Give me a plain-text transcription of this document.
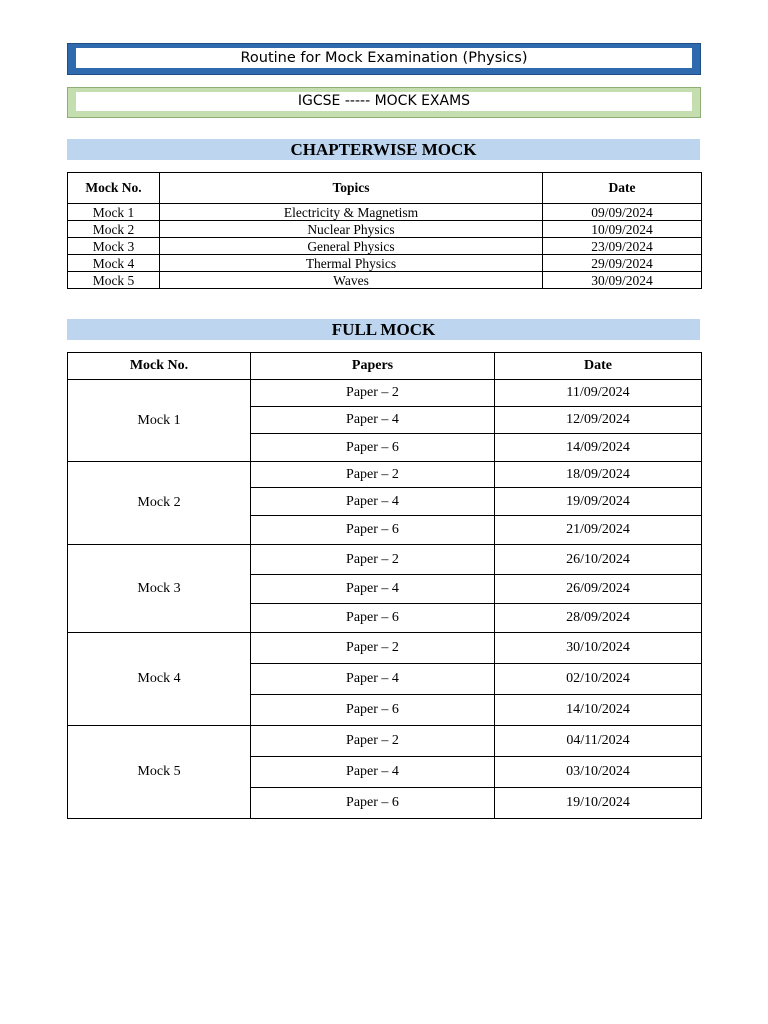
Routine for Mock Examination (Physics)
IGCSE ----- MOCK EXAMS
CHAPTERWISE MOCK
Mock No.	Topics	Date
Mock 1	Electricity & Magnetism	09/09/2024
Mock 2	Nuclear Physics	10/09/2024
Mock 3	General Physics	23/09/2024
Mock 4	Thermal Physics	29/09/2024
Mock 5	Waves	30/09/2024
FULL MOCK
Mock No.	Papers	Date
Mock 1	Paper – 2	11/09/2024
	Paper – 4	12/09/2024
	Paper – 6	14/09/2024
Mock 2	Paper – 2	18/09/2024
	Paper – 4	19/09/2024
	Paper – 6	21/09/2024
Mock 3	Paper – 2	26/10/2024
	Paper – 4	26/09/2024
	Paper – 6	28/09/2024
Mock 4	Paper – 2	30/10/2024
	Paper – 4	02/10/2024
	Paper – 6	14/10/2024
Mock 5	Paper – 2	04/11/2024
	Paper – 4	03/10/2024
	Paper – 6	19/10/2024
